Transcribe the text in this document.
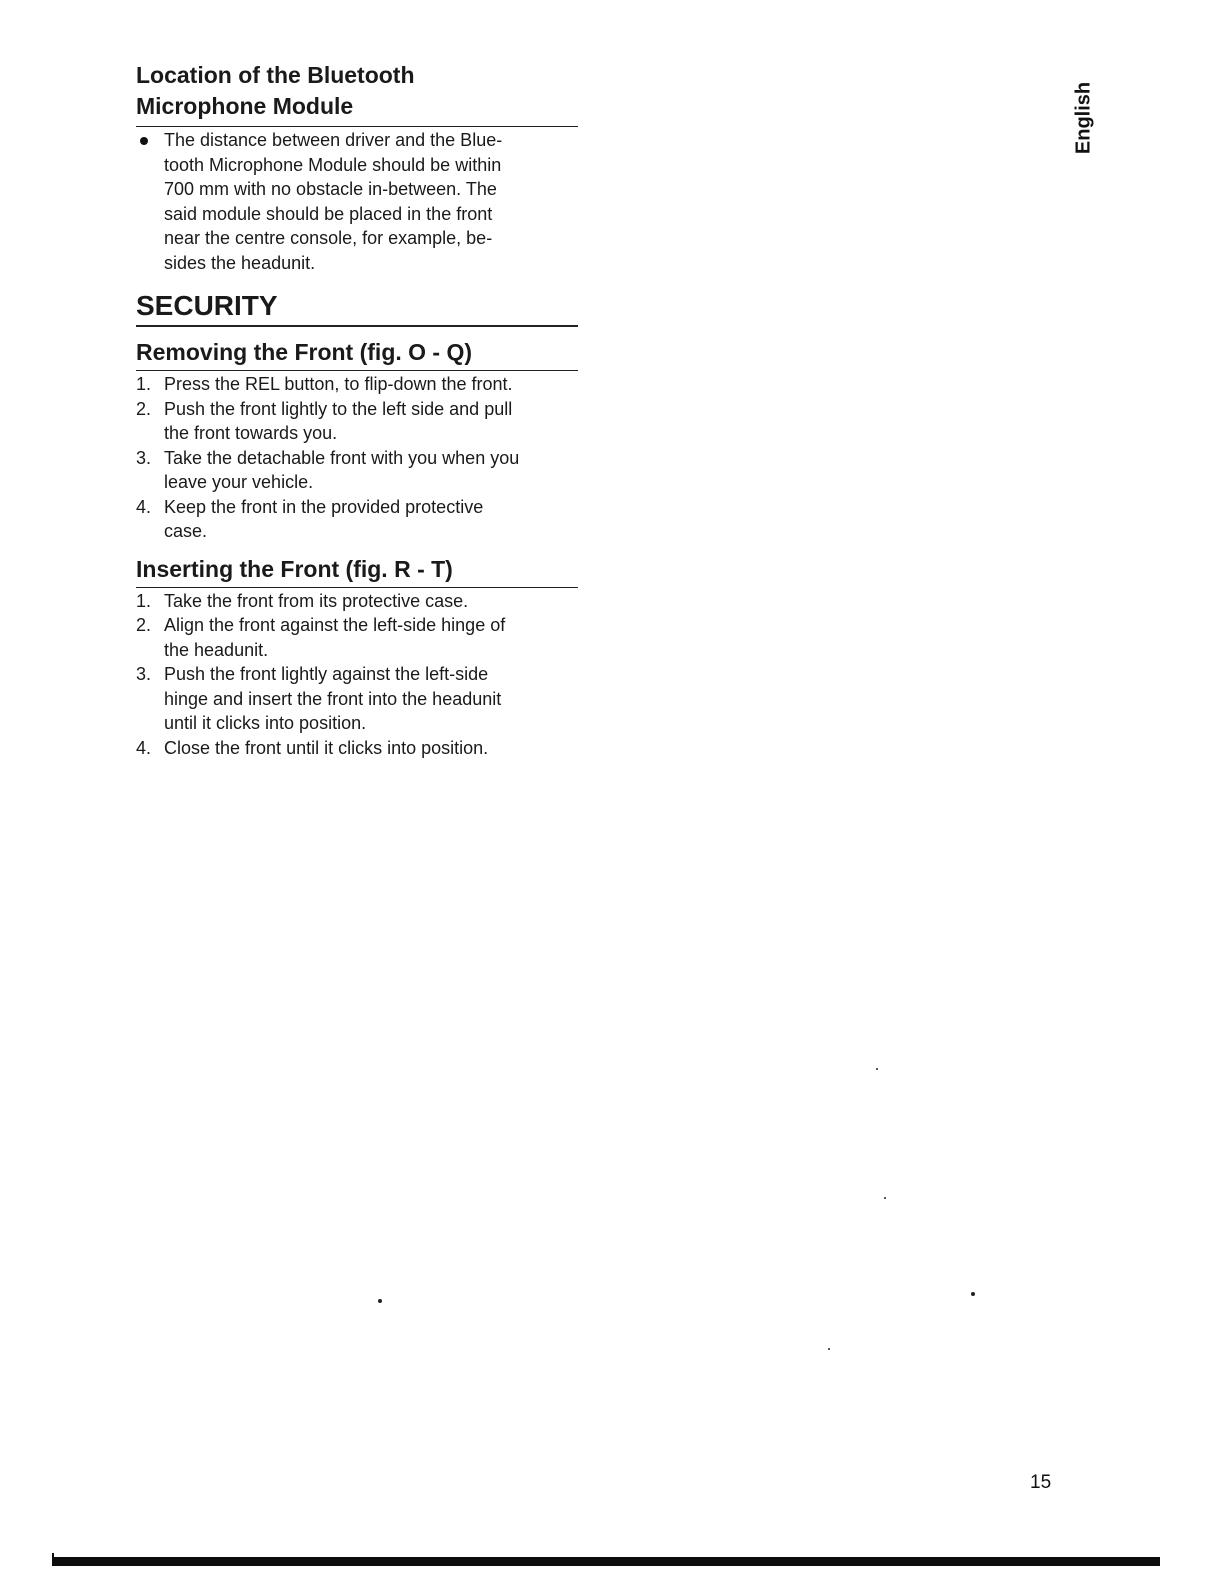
Location of the Bluetooth
Microphone Module
The distance between driver and the Blue-
tooth Microphone Module should be within
700 mm with no obstacle in-between. The
said module should be placed in the front
near the centre console, for example, be-
sides the headunit.
SECURITY
Removing the Front (fig. O - Q)
1. Press the REL button, to flip-down the front.
2. Push the front lightly to the left side and pull
the front towards you.
3. Take the detachable front with you when you
leave your vehicle.
4. Keep the front in the provided protective
case.
Inserting the Front (fig. R - T)
1. Take the front from its protective case.
2. Align the front against the left-side hinge of
the headunit.
3. Push the front lightly against the left-side
hinge and insert the front into the headunit
until it clicks into position.
4. Close the front until it clicks into position.
English
15
